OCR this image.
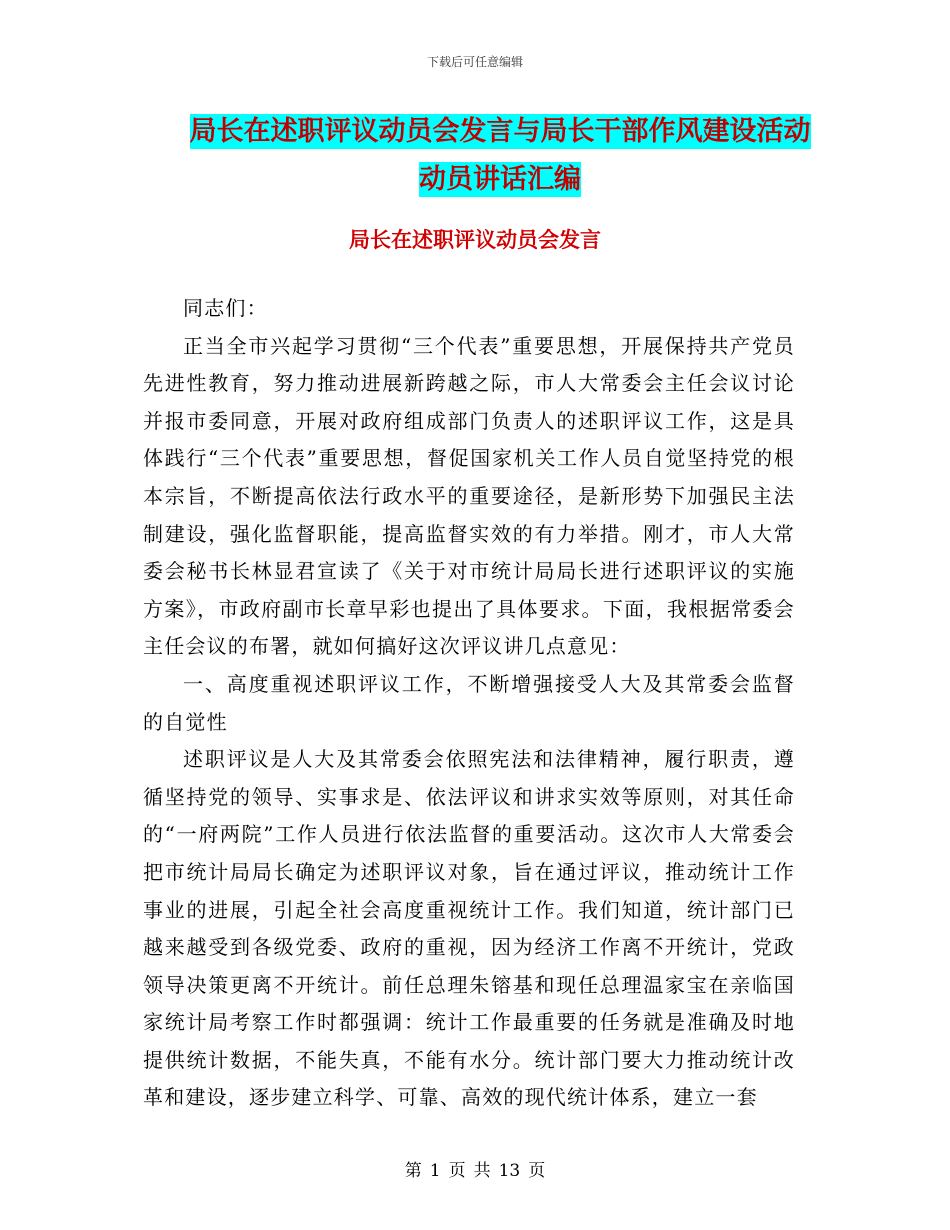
下载后可任意编辑
局长在述职评议动员会发言与局长干部作风建设活动
动员讲话汇编
局长在述职评议动员会发言

同志们：

正当全市兴起学习贯彻“三个代表”重要思想，开展保持共产党员先进性教育，努力推动进展新跨越之际，市人大常委会主任会议讨论并报市委同意，开展对政府组成部门负责人的述职评议工作，这是具体践行“三个代表”重要思想，督促国家机关工作人员自觉坚持党的根本宗旨，不断提高依法行政水平的重要途径，是新形势下加强民主法制建设，强化监督职能，提高监督实效的有力举措。刚才，市人大常委会秘书长林显君宣读了《关于对市统计局局长进行述职评议的实施方案》，市政府副市长章早彩也提出了具体要求。下面，我根据常委会主任会议的布署，就如何搞好这次评议讲几点意见：

一、高度重视述职评议工作，不断增强接受人大及其常委会监督的自觉性

述职评议是人大及其常委会依照宪法和法律精神，履行职责，遵循坚持党的领导、实事求是、依法评议和讲求实效等原则，对其任命的“一府两院”工作人员进行依法监督的重要活动。这次市人大常委会把市统计局局长确定为述职评议对象，旨在通过评议，推动统计工作事业的进展，引起全社会高度重视统计工作。我们知道，统计部门已越来越受到各级党委、政府的重视，因为经济工作离不开统计，党政领导决策更离不开统计。前任总理朱镕基和现任总理温家宝在亲临国家统计局考察工作时都强调：统计工作最重要的任务就是准确及时地提供统计数据，不能失真，不能有水分。统计部门要大力推动统计改革和建设，逐步建立科学、可靠、高效的现代统计体系，建立一套

第 1 页 共 13 页
